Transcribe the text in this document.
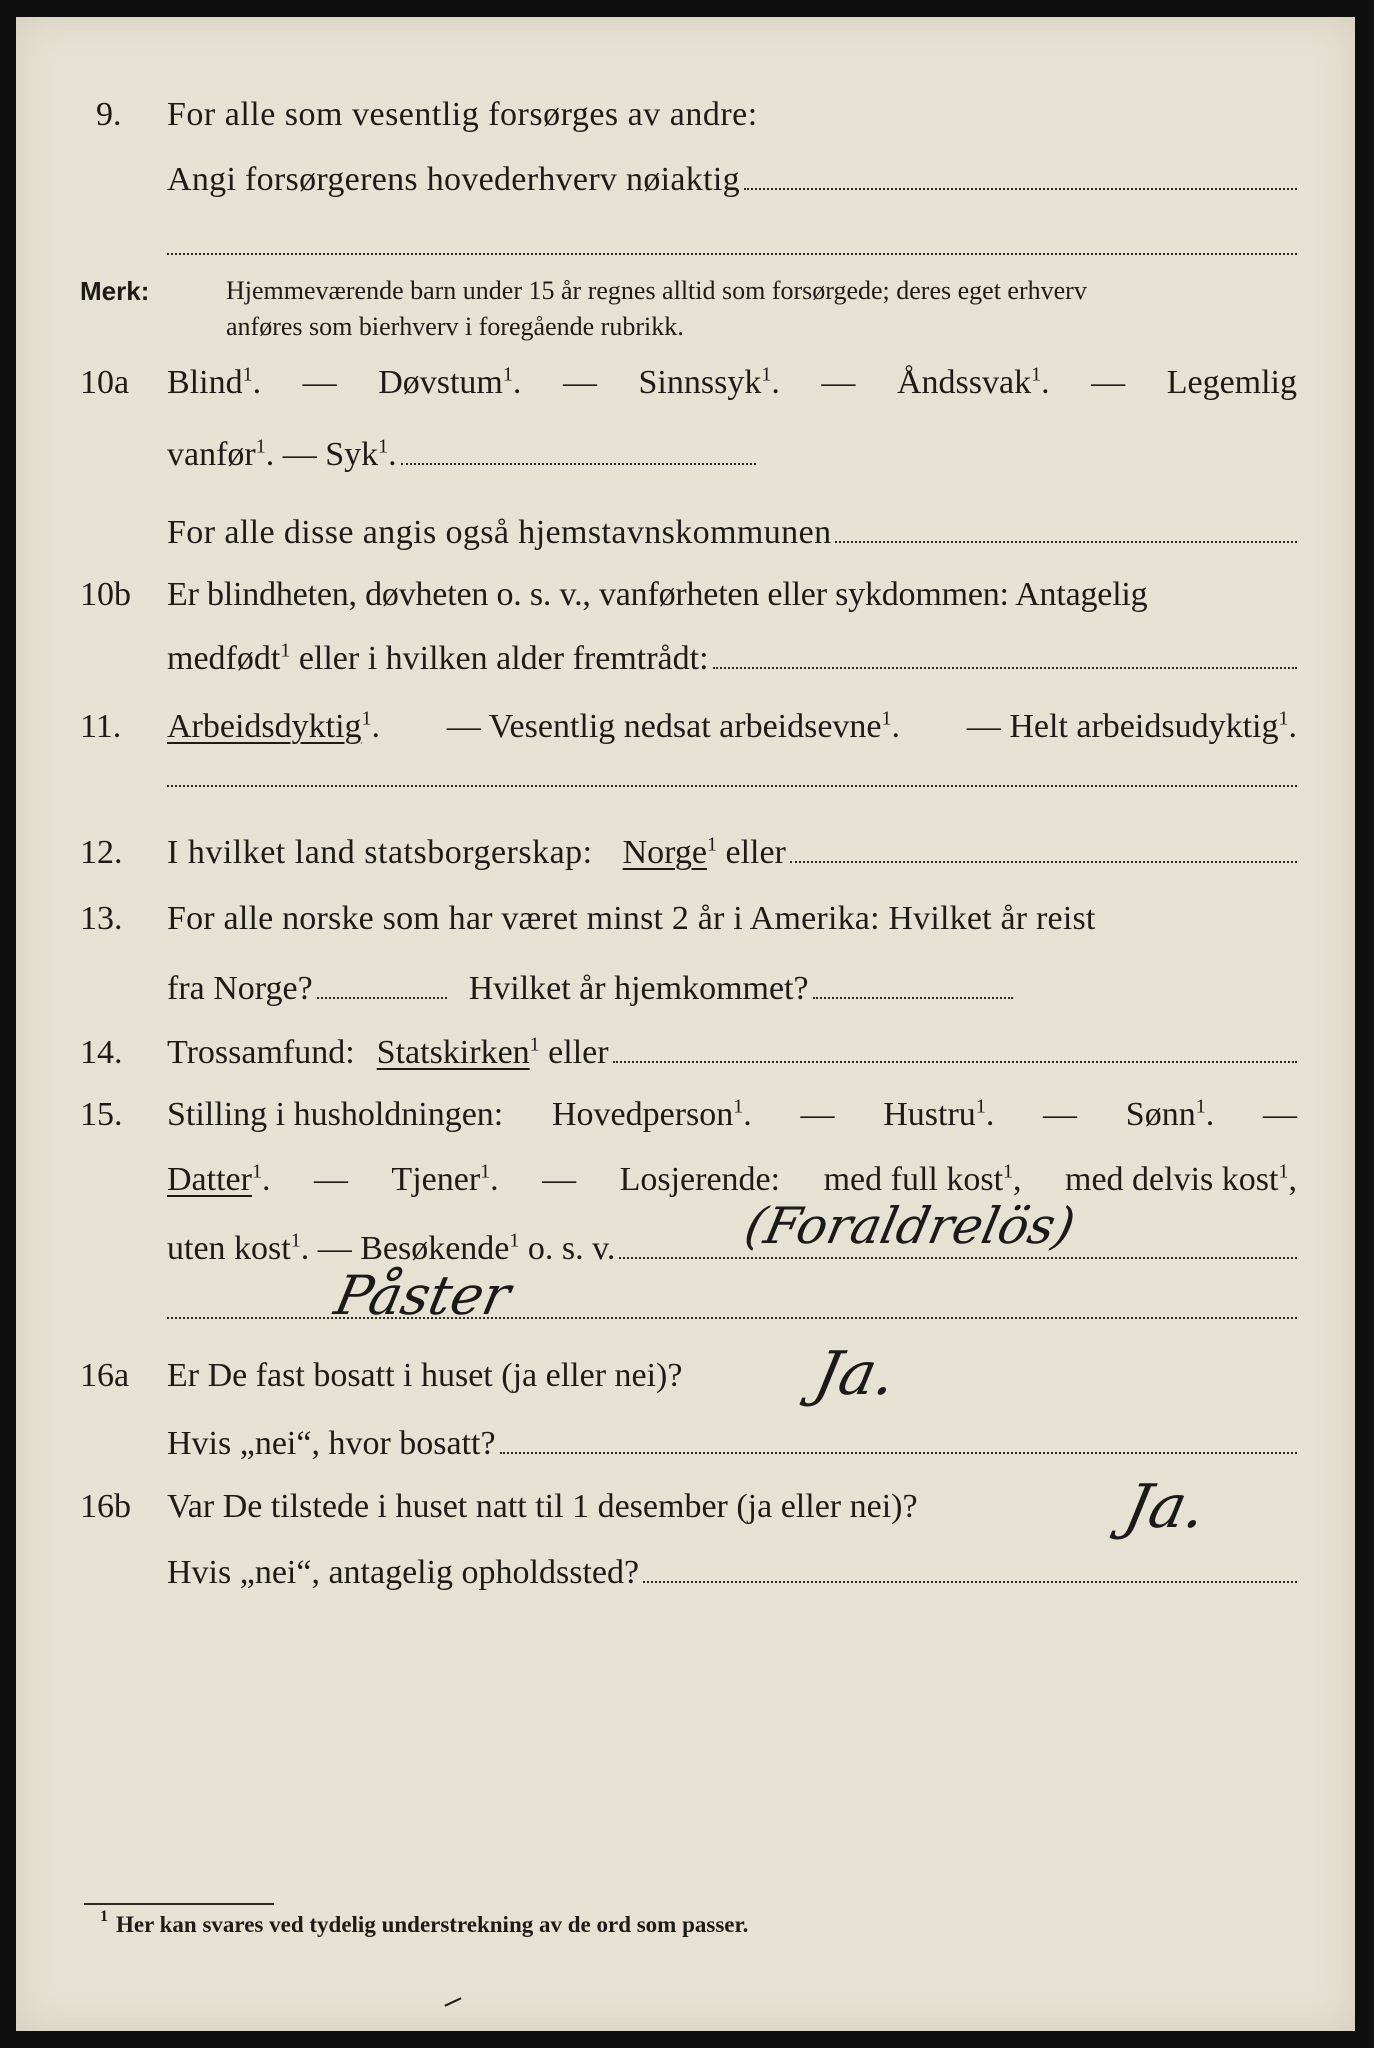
9. For alle som vesentlig forsørges av andre:
Angi forsørgerens hovederhverv nøiaktig
Merk:	Hjemmeværende barn under 15 år regnes alltid som forsørgede; deres eget erhverv
anføres som bierhverv i foregående rubrikk.
10a Blind$^1$. — Døvstum$^1$. — Sinnssyk$^1$. — Åndssvak$^1$. — Legemlig
vanfør$^1$. — Syk$^1$.
For alle disse angis også hjemstavnskommunen
10b Er blindheten, døvheten o. s. v., vanførheten eller sykdommen: Antagelig
medfødt$^1$ eller i hvilken alder fremtrådt:
11. Arbeidsdyktig$^1$. — Vesentlig nedsat arbeidsevne$^1$. — Helt arbeidsudyktig$^1$.
12. I hvilket land statsborgerskap: Norge$^1$ eller
13. For alle norske som har været minst 2 år i Amerika: Hvilket år reist
fra Norge?	Hvilket år hjemkommet?
14. Trossamfund: Statskirken$^1$ eller
15. Stilling i husholdningen: Hovedperson$^1$. — Hustru$^1$. — Sønn$^1$. —
Datter$^1$. — Tjener$^1$. — Losjerende: med full kost$^1$, med delvis kost$^1$,
uten kost$^1$. — Besøkende$^1$ o. s. v. (Foraldrelös)
Påster
16a Er De fast bosatt i huset (ja eller nei)?	Ja.
Hvis „nei“, hvor bosatt?
16b Var De tilstede i huset natt til 1 desember (ja eller nei)?	Ja.
Hvis „nei“, antagelig opholdssted?
1 Her kan svares ved tydelig understrekning av de ord som passer.
